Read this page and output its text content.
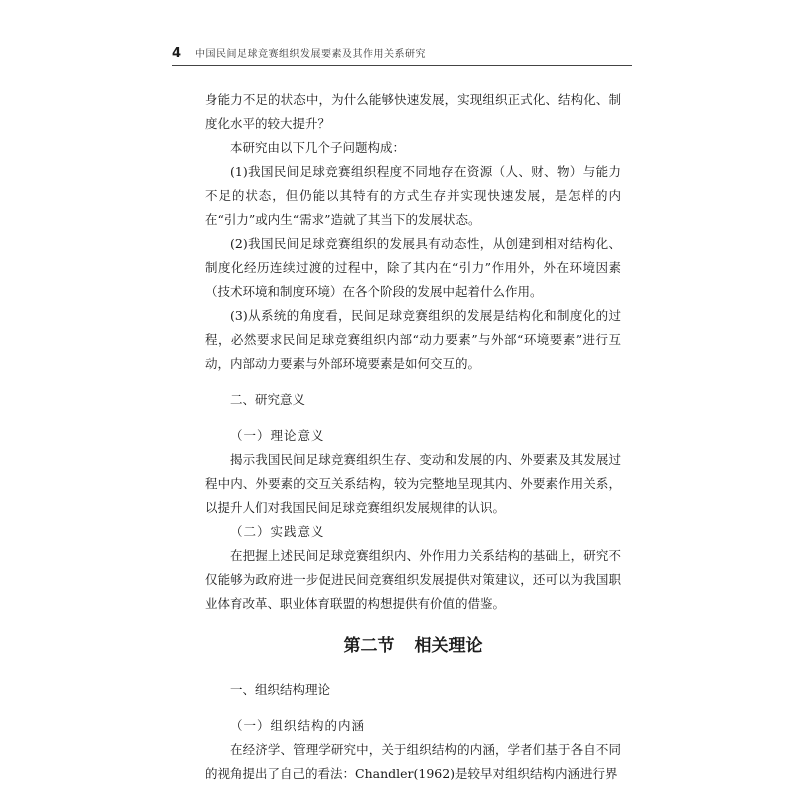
4 中国民间足球竞赛组织发展要素及其作用关系研究

身能力不足的状态中，为什么能够快速发展，实现组织正式化、结构化、制度化水平的较大提升？

本研究由以下几个子问题构成：

(1)我国民间足球竞赛组织程度不同地存在资源（人、财、物）与能力不足的状态，但仍能以其特有的方式生存并实现快速发展，是怎样的内在“引力”或内生“需求”造就了其当下的发展状态。

(2)我国民间足球竞赛组织的发展具有动态性，从创建到相对结构化、制度化经历连续过渡的过程中，除了其内在“引力”作用外，外在环境因素（技术环境和制度环境）在各个阶段的发展中起着什么作用。

(3)从系统的角度看，民间足球竞赛组织的发展是结构化和制度化的过程，必然要求民间足球竞赛组织内部“动力要素”与外部“环境要素”进行互动，内部动力要素与外部环境要素是如何交互的。

二、研究意义

（一）理论意义

揭示我国民间足球竞赛组织生存、变动和发展的内、外要素及其发展过程中内、外要素的交互关系结构，较为完整地呈现其内、外要素作用关系，以提升人们对我国民间足球竞赛组织发展规律的认识。

（二）实践意义

在把握上述民间足球竞赛组织内、外作用力关系结构的基础上，研究不仅能够为政府进一步促进民间竞赛组织发展提供对策建议，还可以为我国职业体育改革、职业体育联盟的构想提供有价值的借鉴。

第二节 相关理论

一、组织结构理论

（一）组织结构的内涵

在经济学、管理学研究中，关于组织结构的内涵，学者们基于各自不同的视角提出了自己的看法：Chandler(1962)是较早对组织结构内涵进行界
